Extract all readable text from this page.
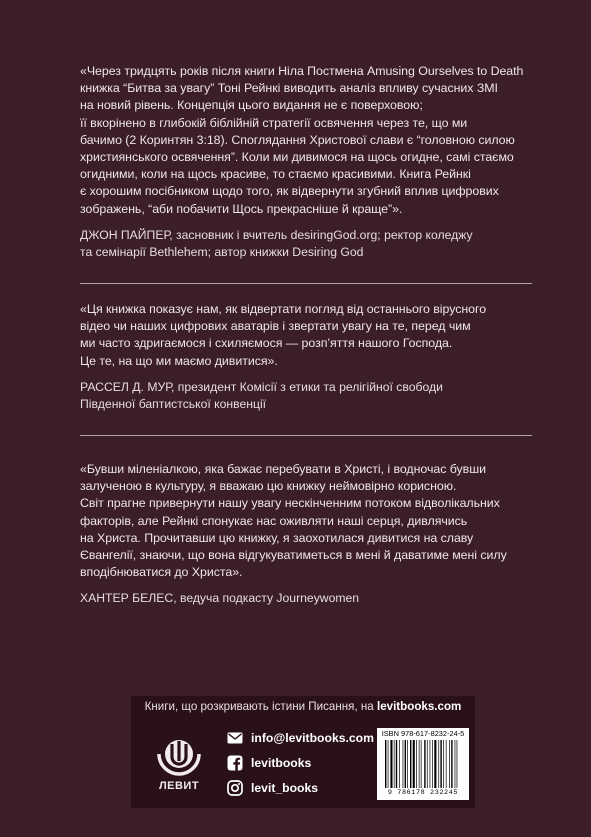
«Через тридцять років після книги Ніла Постмена Amusing Ourselves to Death
книжка “Битва за увагу” Тоні Рейнкі виводить аналіз впливу сучасних ЗМІ
на новий рівень. Концепція цього видання не є поверховою;
її вкорінено в глибокій біблійній стратегії освячення через те, що ми
бачимо (2 Коринтян 3:18). Споглядання Христової слави є “головною силою
християнського освячення”. Коли ми дивимося на щось огидне, самі стаємо
огидними, коли на щось красиве, то стаємо красивими. Книга Рейнкі
є хорошим посібником щодо того, як відвернути згубний вплив цифрових
зображень, “аби побачити Щось прекрасніше й краще”».

ДЖОН ПАЙПЕР, засновник і вчитель desiringGod.org; ректор коледжу
та семінарії Bethlehem; автор книжки Desiring God

«Ця книжка показує нам, як відвертати погляд від останнього вірусного
відео чи наших цифрових аватарів і звертати увагу на те, перед чим
ми часто здригаємося і схиляємося — розп’яття нашого Господа.
Це те, на що ми маємо дивитися».

РАССЕЛ Д. МУР, президент Комісії з етики та релігійної свободи
Південної баптистської конвенції

«Бувши міленіалкою, яка бажає перебувати в Христі, і водночас бувши
залученою в культуру, я вважаю цю книжку неймовірно корисною.
Світ прагне привернути нашу увагу нескінченним потоком відволікальних
факторів, але Рейнкі спонукає нас оживляти наші серця, дивлячись
на Христа. Прочитавши цю книжку, я заохотилася дивитися на славу
Євангелії, знаючи, що вона відгукуватиметься в мені й даватиме мені силу
вподібнюватися до Христа».

ХАНТЕР БЕЛЕС, ведуча подкасту Journeywomen

Книги, що розкривають істини Писання, на levitbooks.com
ЛЕВИТ
info@levitbooks.com
levitbooks
levit_books
ISBN 978-617-8232-24-5
9 786178 232245
